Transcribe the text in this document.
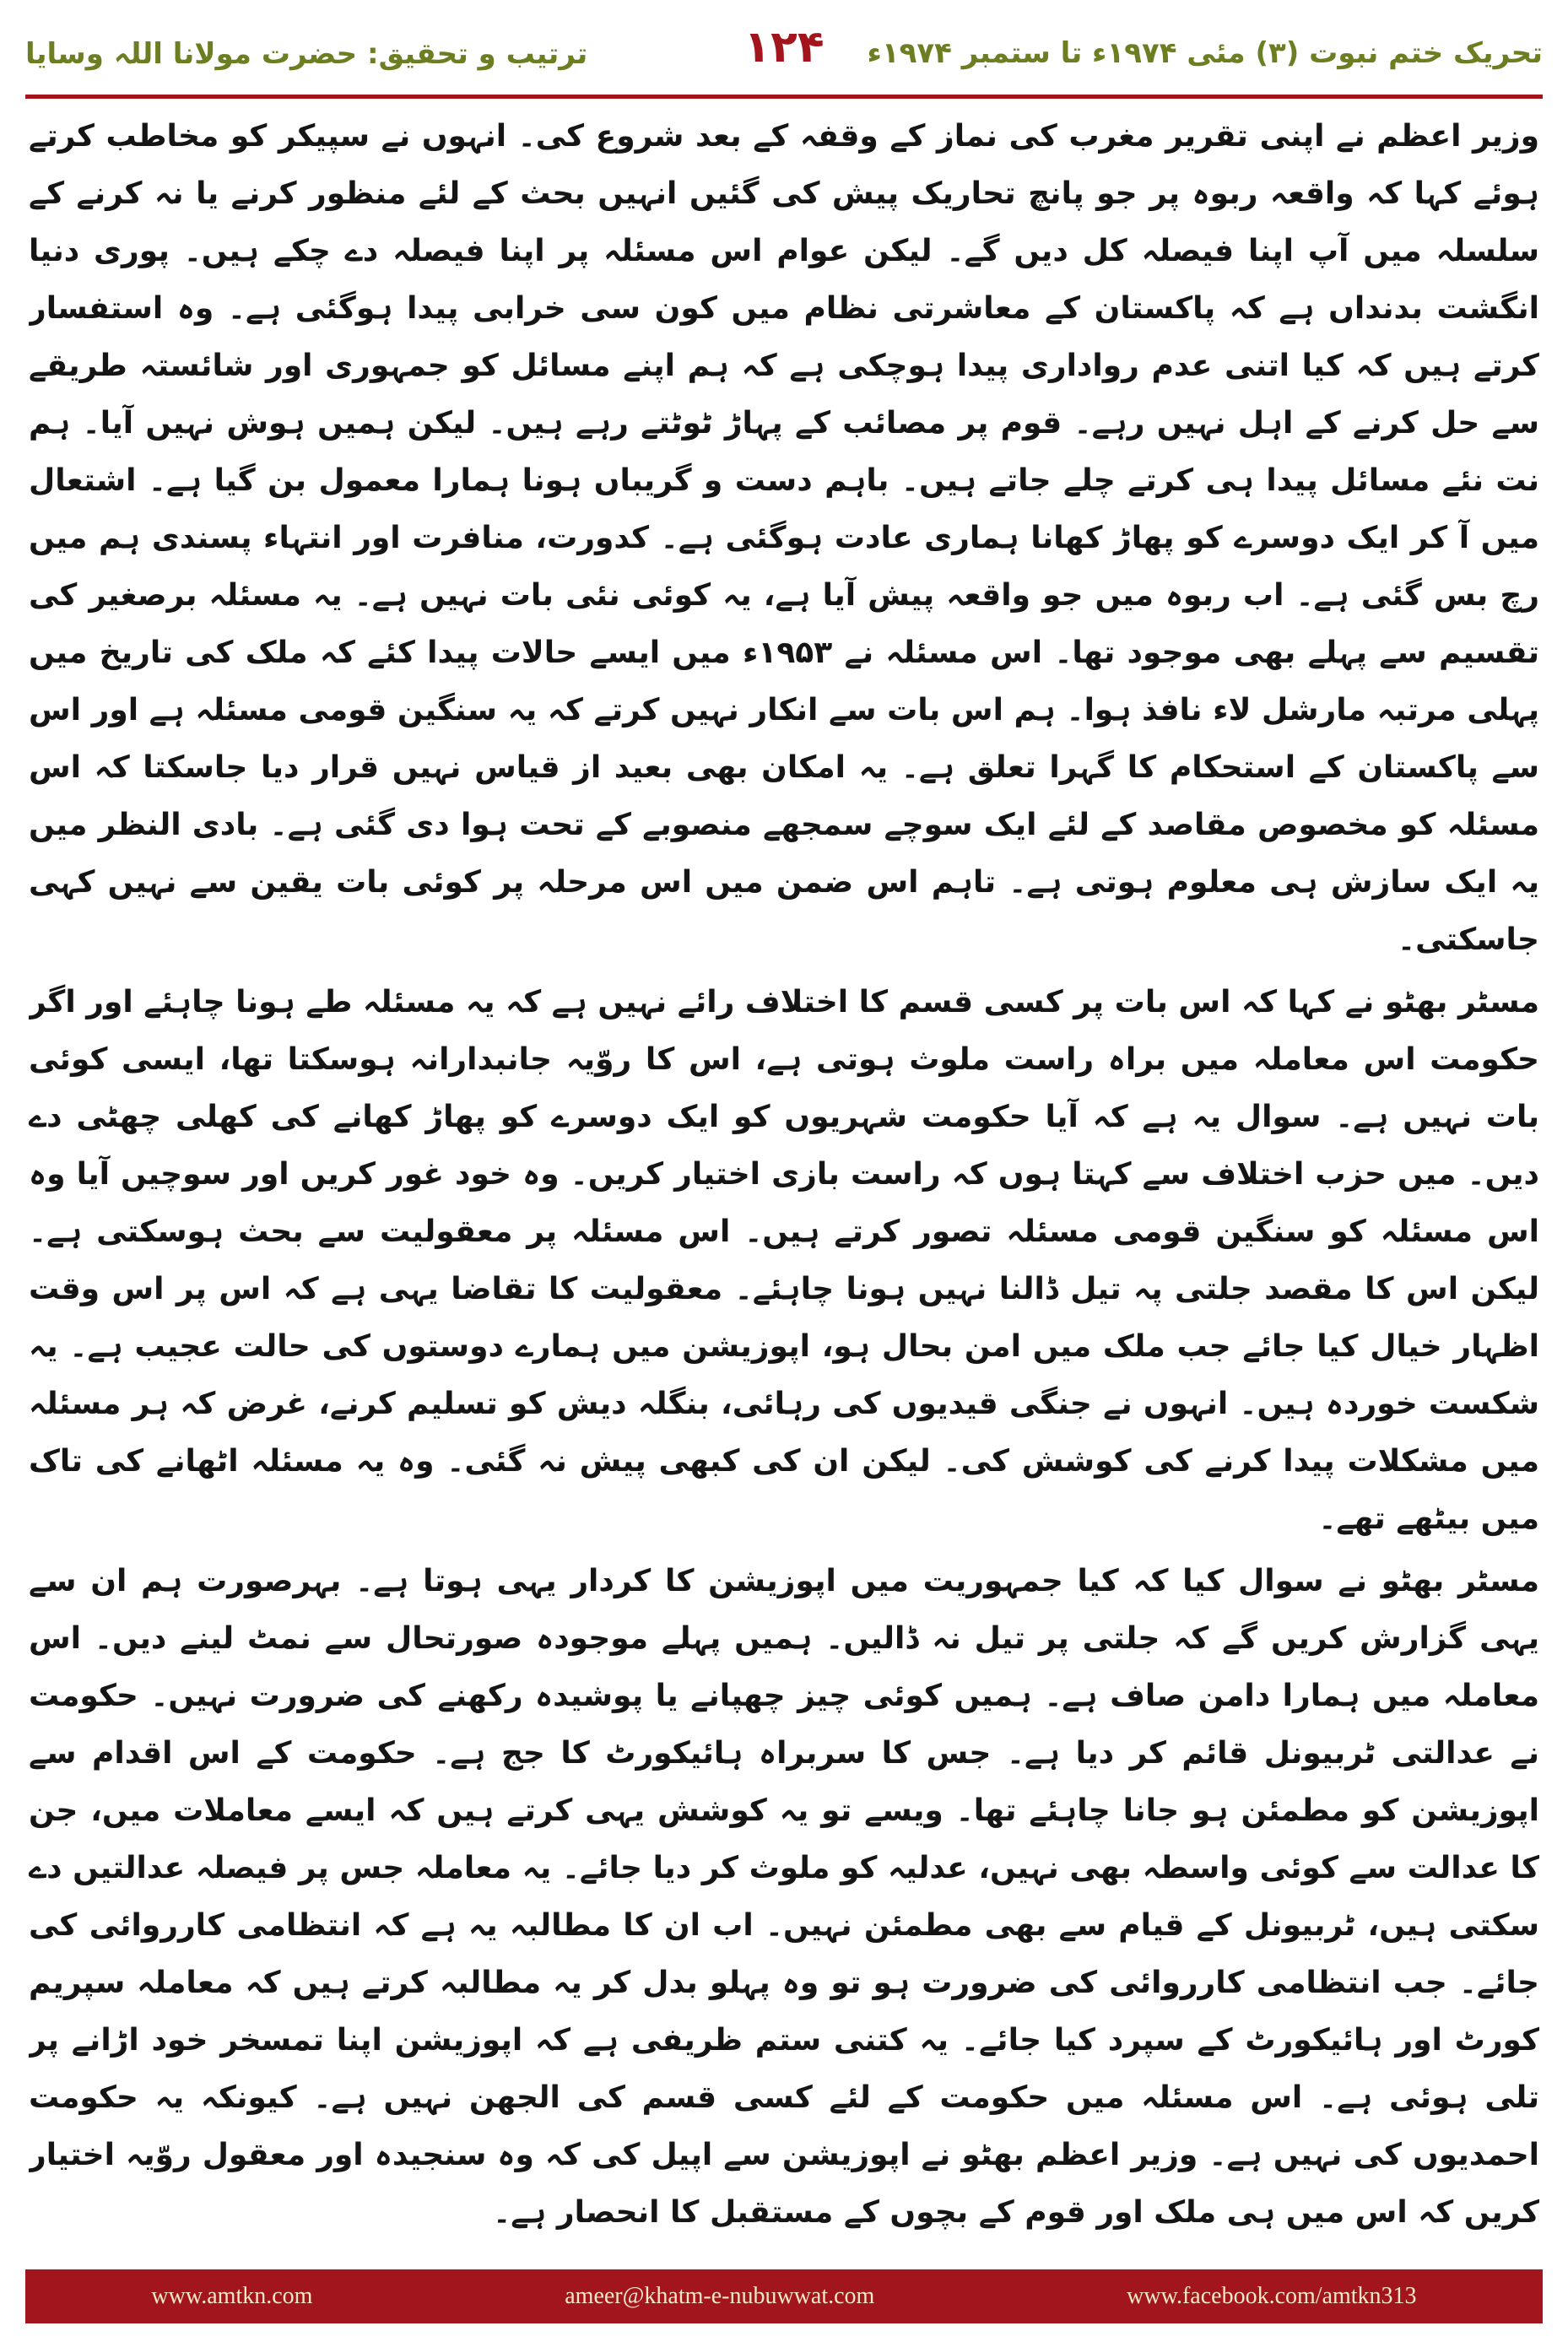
ترتیب و تحقیق: حضرت مولانا اللہ وسایا	۱۲۴ تحریک ختم نبوت (۳) مئی ۱۹۷۴ء تا ستمبر ۱۹۷۴ء

وزیر اعظم نے اپنی تقریر مغرب کی نماز کے وقفہ کے بعد شروع کی۔ انہوں نے سپیکر کو مخاطب کرتے ہوئے کہا کہ واقعہ ربوہ پر جو پانچ تحاریک پیش کی گئیں انہیں بحث کے لئے منظور کرنے یا نہ کرنے کے سلسلہ میں آپ اپنا فیصلہ کل دیں گے۔ لیکن عوام اس مسئلہ پر اپنا فیصلہ دے چکے ہیں۔ پوری دنیا انگشت بدنداں ہے کہ پاکستان کے معاشرتی نظام میں کون سی خرابی پیدا ہوگئی ہے۔ وہ استفسار کرتے ہیں کہ کیا اتنی عدم رواداری پیدا ہوچکی ہے کہ ہم اپنے مسائل کو جمہوری اور شائستہ طریقے سے حل کرنے کے اہل نہیں رہے۔ قوم پر مصائب کے پہاڑ ٹوٹتے رہے ہیں۔ لیکن ہمیں ہوش نہیں آیا۔ ہم نت نئے مسائل پیدا ہی کرتے چلے جاتے ہیں۔ باہم دست و گریباں ہونا ہمارا معمول بن گیا ہے۔ اشتعال میں آ کر ایک دوسرے کو پھاڑ کھانا ہماری عادت ہوگئی ہے۔ کدورت، منافرت اور انتہاء پسندی ہم میں رچ بس گئی ہے۔ اب ربوہ میں جو واقعہ پیش آیا ہے، یہ کوئی نئی بات نہیں ہے۔ یہ مسئلہ برصغیر کی تقسیم سے پہلے بھی موجود تھا۔ اس مسئلہ نے ۱۹۵۳ء میں ایسے حالات پیدا کئے کہ ملک کی تاریخ میں پہلی مرتبہ مارشل لاء نافذ ہوا۔ ہم اس بات سے انکار نہیں کرتے کہ یہ سنگین قومی مسئلہ ہے اور اس سے پاکستان کے استحکام کا گہرا تعلق ہے۔ یہ امکان بھی بعید از قیاس نہیں قرار دیا جاسکتا کہ اس مسئلہ کو مخصوص مقاصد کے لئے ایک سوچے سمجھے منصوبے کے تحت ہوا دی گئی ہے۔ بادی النظر میں یہ ایک سازش ہی معلوم ہوتی ہے۔ تاہم اس ضمن میں اس مرحلہ پر کوئی بات یقین سے نہیں کہی جاسکتی۔

مسٹر بھٹو نے کہا کہ اس بات پر کسی قسم کا اختلاف رائے نہیں ہے کہ یہ مسئلہ طے ہونا چاہئے اور اگر حکومت اس معاملہ میں براہ راست ملوث ہوتی ہے، اس کا روّیہ جانبدارانہ ہوسکتا تھا، ایسی کوئی بات نہیں ہے۔ سوال یہ ہے کہ آیا حکومت شہریوں کو ایک دوسرے کو پھاڑ کھانے کی کھلی چھٹی دے دیں۔ میں حزب اختلاف سے کہتا ہوں کہ راست بازی اختیار کریں۔ وہ خود غور کریں اور سوچیں آیا وہ اس مسئلہ کو سنگین قومی مسئلہ تصور کرتے ہیں۔ اس مسئلہ پر معقولیت سے بحث ہوسکتی ہے۔ لیکن اس کا مقصد جلتی پہ تیل ڈالنا نہیں ہونا چاہئے۔ معقولیت کا تقاضا یہی ہے کہ اس پر اس وقت اظہار خیال کیا جائے جب ملک میں امن بحال ہو، اپوزیشن میں ہمارے دوستوں کی حالت عجیب ہے۔ یہ شکست خوردہ ہیں۔ انہوں نے جنگی قیدیوں کی رہائی، بنگلہ دیش کو تسلیم کرنے، غرض کہ ہر مسئلہ میں مشکلات پیدا کرنے کی کوشش کی۔ لیکن ان کی کبھی پیش نہ گئی۔ وہ یہ مسئلہ اٹھانے کی تاک میں بیٹھے تھے۔

مسٹر بھٹو نے سوال کیا کہ کیا جمہوریت میں اپوزیشن کا کردار یہی ہوتا ہے۔ بہرصورت ہم ان سے یہی گزارش کریں گے کہ جلتی پر تیل نہ ڈالیں۔ ہمیں پہلے موجودہ صورتحال سے نمٹ لینے دیں۔ اس معاملہ میں ہمارا دامن صاف ہے۔ ہمیں کوئی چیز چھپانے یا پوشیدہ رکھنے کی ضرورت نہیں۔ حکومت نے عدالتی ٹربیونل قائم کر دیا ہے۔ جس کا سربراہ ہائیکورٹ کا جج ہے۔ حکومت کے اس اقدام سے اپوزیشن کو مطمئن ہو جانا چاہئے تھا۔ ویسے تو یہ کوشش یہی کرتے ہیں کہ ایسے معاملات میں، جن کا عدالت سے کوئی واسطہ بھی نہیں، عدلیہ کو ملوث کر دیا جائے۔ یہ معاملہ جس پر فیصلہ عدالتیں دے سکتی ہیں، ٹربیونل کے قیام سے بھی مطمئن نہیں۔ اب ان کا مطالبہ یہ ہے کہ انتظامی کارروائی کی جائے۔ جب انتظامی کارروائی کی ضرورت ہو تو وہ پہلو بدل کر یہ مطالبہ کرتے ہیں کہ معاملہ سپریم کورٹ اور ہائیکورٹ کے سپرد کیا جائے۔ یہ کتنی ستم ظریفی ہے کہ اپوزیشن اپنا تمسخر خود اڑانے پر تلی ہوئی ہے۔ اس مسئلہ میں حکومت کے لئے کسی قسم کی الجھن نہیں ہے۔ کیونکہ یہ حکومت احمدیوں کی نہیں ہے۔ وزیر اعظم بھٹو نے اپوزیشن سے اپیل کی کہ وہ سنجیدہ اور معقول روّیہ اختیار کریں کہ اس میں ہی ملک اور قوم کے بچوں کے مستقبل کا انحصار ہے۔

www.amtkn.com	ameer@khatm-e-nubuwwat.com	www.facebook.com/amtkn313
